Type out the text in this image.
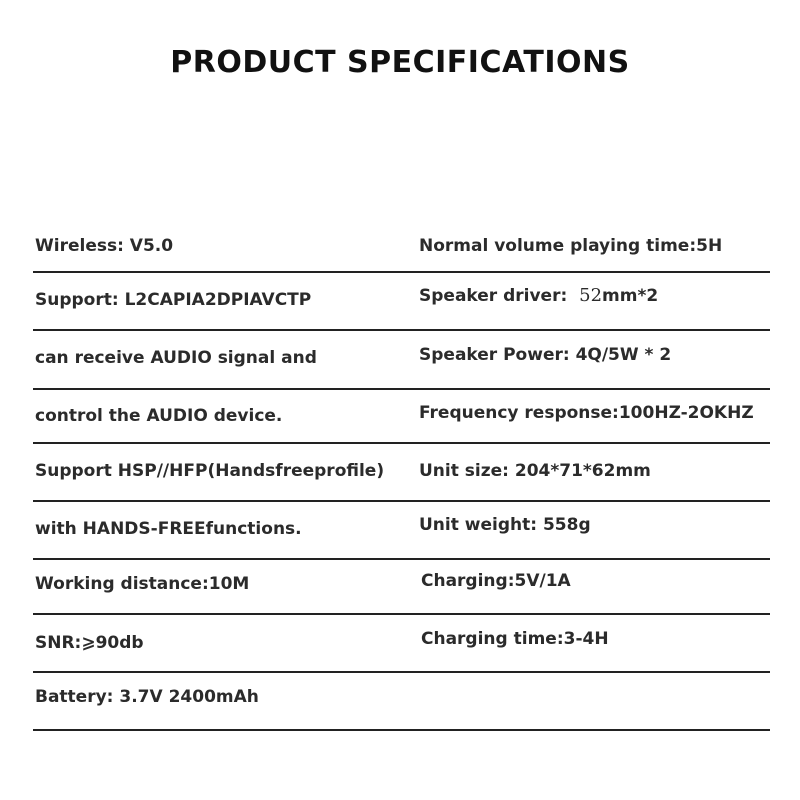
PRODUCT SPECIFICATIONS
Wireless: V5.0
Support: L2CAPIA2DPIAVCTP
can receive AUDIO signal and
control the AUDIO device.
Support HSP//HFP(Handsfreeprofile)
with HANDS-FREEfunctions.
Working distance:10M
SNR:⩾90db
Battery: 3.7V 2400mAh
Normal volume playing time:5H
Speaker driver: 52mm*2
Speaker Power: 4Q/5W * 2
Frequency response:100HZ-2OKHZ
Unit size: 204*71*62mm
Unit weight: 558g
Charging:5V/1A
Charging time:3-4H
